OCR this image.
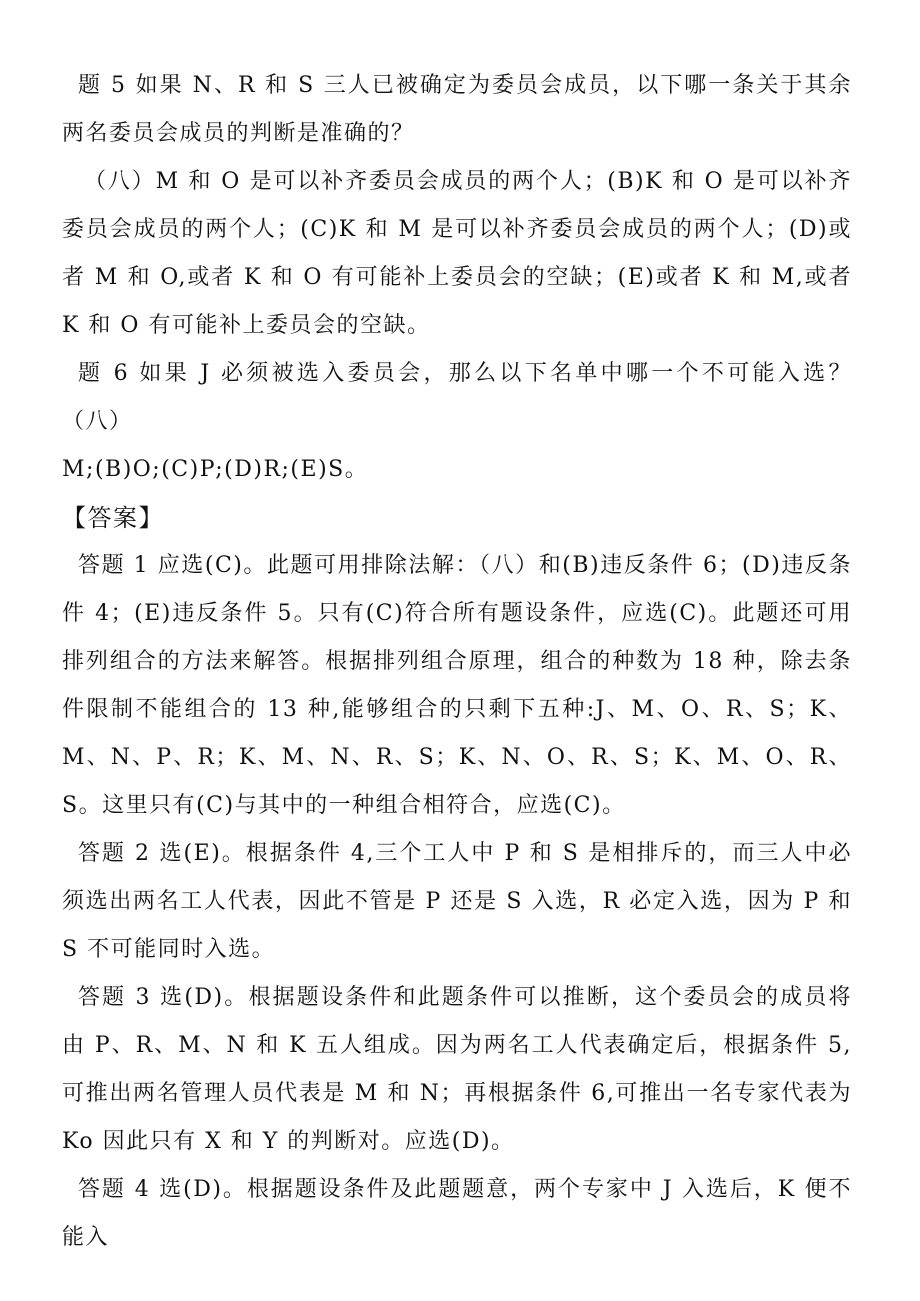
题 5 如果 N、R 和 S 三人已被确定为委员会成员，以下哪一条关于其余两名委员会成员的判断是准确的？

（八）M 和 O 是可以补齐委员会成员的两个人；(B)K 和 O 是可以补齐委员会成员的两个人；(C)K 和 M 是可以补齐委员会成员的两个人；(D)或者 M 和 O,或者 K 和 O 有可能补上委员会的空缺；(E)或者 K 和 M,或者 K 和 O 有可能补上委员会的空缺。

题 6 如果 J 必须被选入委员会，那么以下名单中哪一个不可能入选？（八）

M;(B)O;(C)P;(D)R;(E)S。

【答案】

答题 1 应选(C)。此题可用排除法解：（八）和(B)违反条件 6；(D)违反条件 4；(E)违反条件 5。只有(C)符合所有题设条件，应选(C)。此题还可用排列组合的方法来解答。根据排列组合原理，组合的种数为 18 种，除去条件限制不能组合的 13 种,能够组合的只剩下五种:J、M、O、R、S；K、M、N、P、R；K、M、N、R、S；K、N、O、R、S；K、M、O、R、S。这里只有(C)与其中的一种组合相符合，应选(C)。

答题 2 选(E)。根据条件 4,三个工人中 P 和 S 是相排斥的，而三人中必须选出两名工人代表，因此不管是 P 还是 S 入选，R 必定入选，因为 P 和 S 不可能同时入选。

答题 3 选(D)。根据题设条件和此题条件可以推断，这个委员会的成员将由 P、R、M、N 和 K 五人组成。因为两名工人代表确定后，根据条件 5,可推出两名管理人员代表是 M 和 N；再根据条件 6,可推出一名专家代表为 Ko 因此只有 X 和 Y 的判断对。应选(D)。

答题 4 选(D)。根据题设条件及此题题意，两个专家中 J 入选后，K 便不能入
